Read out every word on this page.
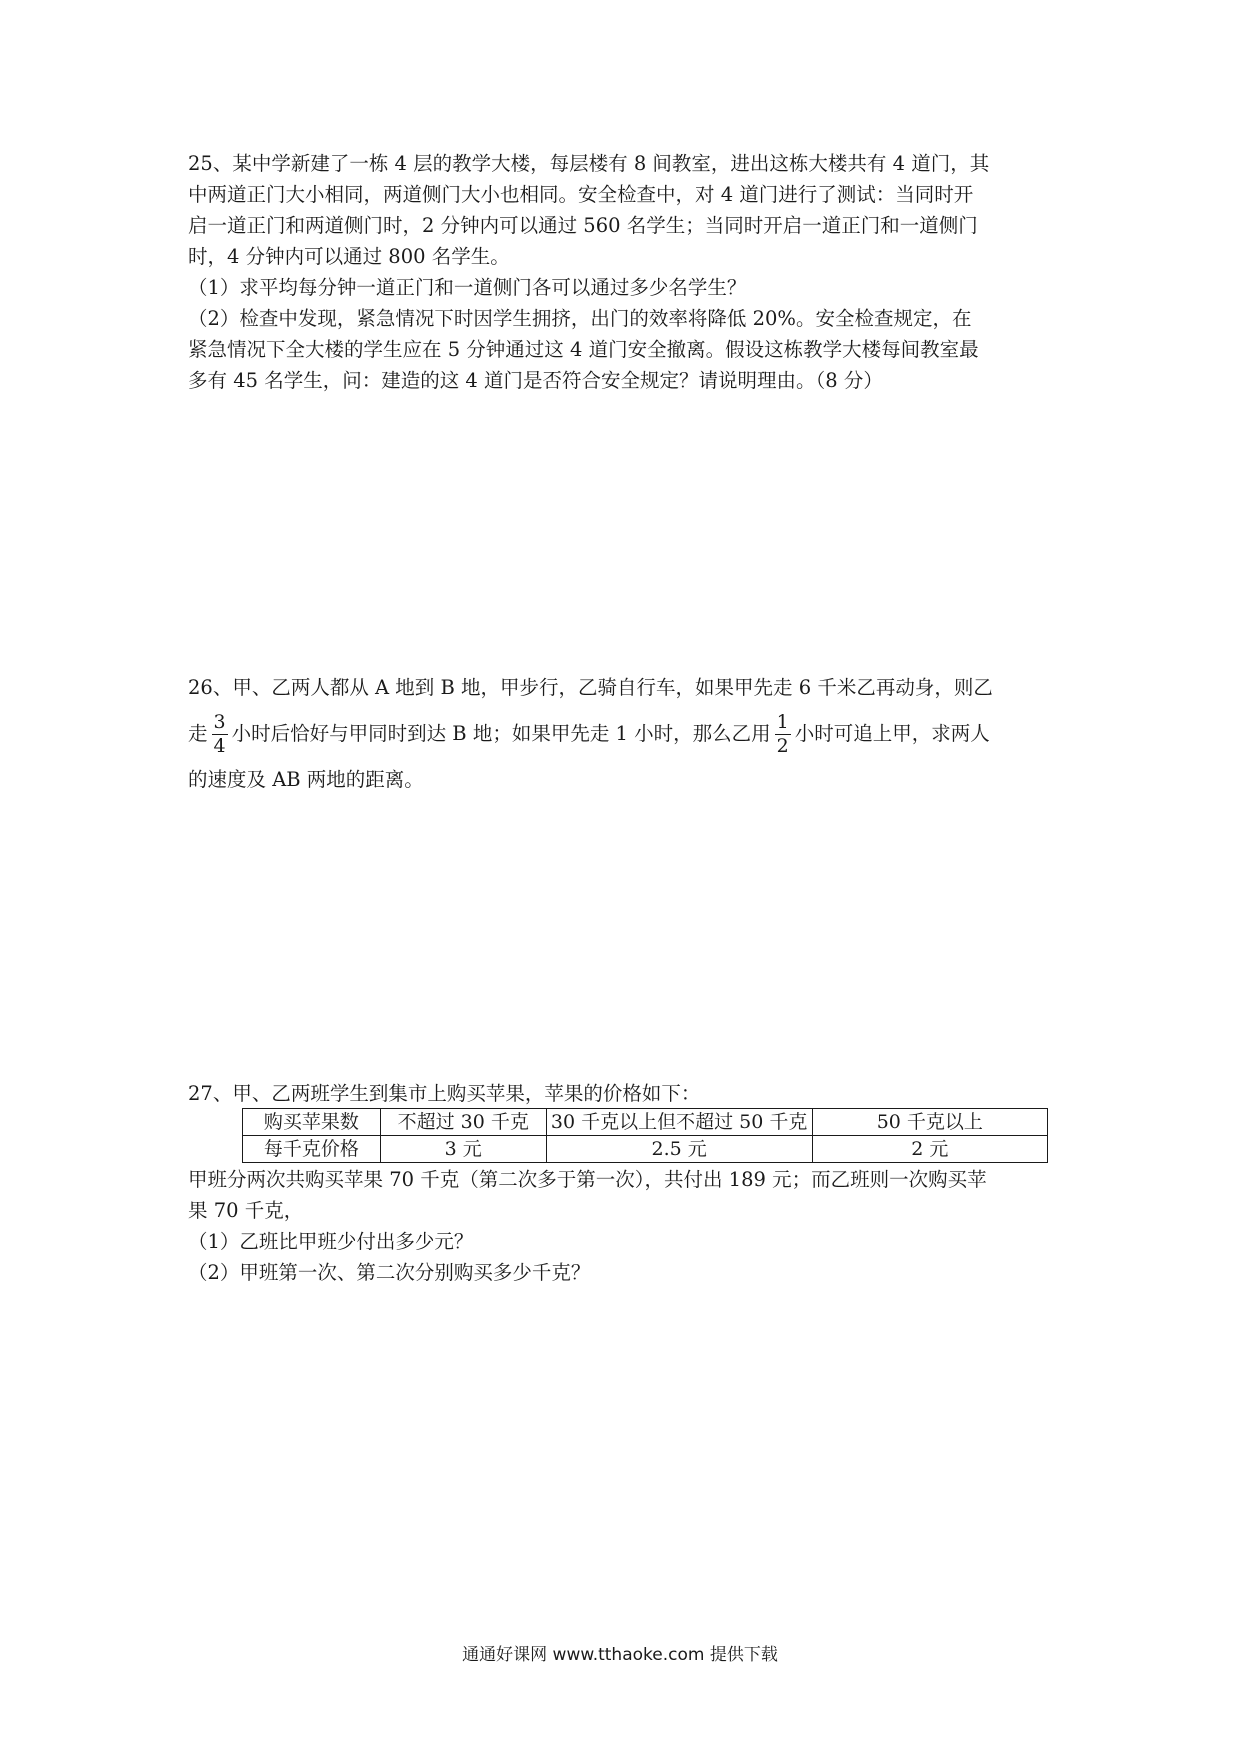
25、某中学新建了一栋 4 层的教学大楼，每层楼有 8 间教室，进出这栋大楼共有 4 道门，其
中两道正门大小相同，两道侧门大小也相同。安全检查中，对 4 道门进行了测试：当同时开
启一道正门和两道侧门时，2 分钟内可以通过 560 名学生；当同时开启一道正门和一道侧门
时，4 分钟内可以通过 800 名学生。
（1）求平均每分钟一道正门和一道侧门各可以通过多少名学生？
（2）检查中发现，紧急情况下时因学生拥挤，出门的效率将降低 20%。安全检查规定，在
紧急情况下全大楼的学生应在 5 分钟通过这 4 道门安全撤离。假设这栋教学大楼每间教室最
多有 45 名学生，问：建造的这 4 道门是否符合安全规定？请说明理由。（8 分）
26、甲、乙两人都从 A 地到 B 地，甲步行，乙骑自行车，如果甲先走 6 千米乙再动身，则乙
走 $\frac{3}{4}$ 小时后恰好与甲同时到达 B 地；如果甲先走 1 小时，那么乙用 $\frac{1}{2}$ 小时可追上甲，求两人
的速度及 AB 两地的距离。
27、甲、乙两班学生到集市上购买苹果，苹果的价格如下：
购买苹果数	不超过 30 千克	30 千克以上但不超过 50 千克	50 千克以上
每千克价格	3 元	2.5 元	2 元
甲班分两次共购买苹果 70 千克（第二次多于第一次），共付出 189 元；而乙班则一次购买苹
果 70 千克，
（1）乙班比甲班少付出多少元？
（2）甲班第一次、第二次分别购买多少千克？
通通好课网 www.tthaoke.com 提供下载
